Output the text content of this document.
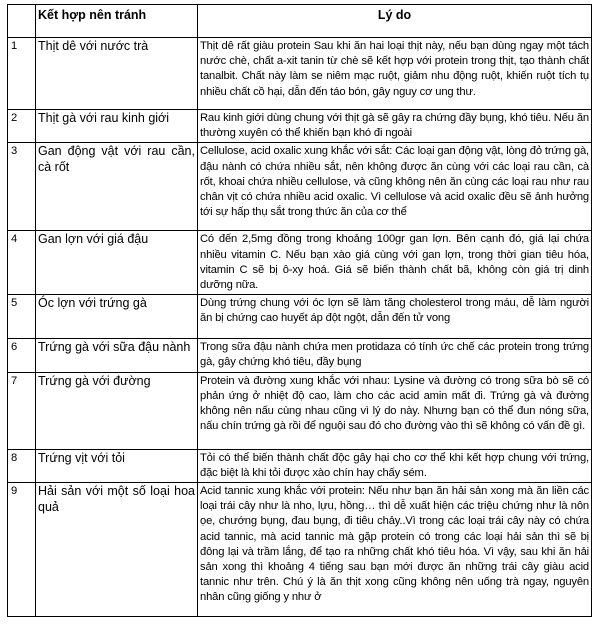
	Kết hợp nên tránh	Lý do
1	Thịt dê với nước trà	Thịt dê rất giàu protein Sau khi ăn hai loại thịt này, nếu bạn dùng ngay một tách nước chè, chất a-xit tanin từ chè sẽ kết hợp với protein trong thịt, tạo thành chất tanalbit. Chất này làm se niêm mạc ruột, giảm nhu động ruột, khiến ruột tích tụ nhiều chất cồ hại, dẫn đến táo bón, gây nguy cơ ung thư.
2	Thịt gà với rau kinh giới	Rau kinh giới dùng chung với thịt gà sẽ gây ra chứng đầy bụng, khó tiêu. Nếu ăn thường xuyên có thể khiến bạn khó đi ngoài
3	Gan động vật với rau cần, cà rốt	Cellulose, acid oxalic xung khắc với sắt: Các loại gan động vật, lòng đỏ trứng gà, đậu nành có chứa nhiều sắt, nên không được ăn cùng với các loại rau cần, cà rốt, khoai chứa nhiều cellulose, và cũng không nên ăn cùng các loại rau như rau chân vịt có chứa nhiều acid oxalic. Vì cellulose và acid oxalic đều sẽ ảnh hưởng tới sự hấp thụ sắt trong thức ăn của cơ thể
4	Gan lợn với giá đậu	Có đến 2,5mg đồng trong khoảng 100gr gan lợn. Bên cạnh đó, giá lại chứa nhiều vitamin C. Nếu bạn xào giá cùng với gan lợn, trong thời gian tiêu hóa, vitamin C sẽ bị ô-xy hoá. Giá sẽ biến thành chất bã, không còn giá trị dinh dưỡng nữa.
5	Óc lợn với trứng gà	Dùng trứng chung với óc lợn sẽ làm tăng cholesterol trong máu, dễ làm người ăn bị chứng cao huyết áp đột ngột, dẫn đến tử vong
6	Trứng gà với sữa đậu nành	Trong sữa đậu nành chứa men protidaza có tính ức chế các protein trong trứng gà, gây chứng khó tiêu, đầy bụng
7	Trứng gà với đường	Protein và đường xung khắc với nhau: Lysine và đường có trong sữa bò sẽ có phản ứng ở nhiệt độ cao, làm cho các acid amin mất đi. Trứng gà và đường không nên nấu cùng nhau cũng vì lý do này. Nhưng bạn có thể đun nóng sữa, nấu chín trứng gà rồi để nguội sau đó cho đường vào thì sẽ không có vấn đề gì.
8	Trứng vịt với tỏi	Tỏi có thể biến thành chất độc gây hại cho cơ thể khi kết hợp chung với trứng, đặc biệt là khi tỏi được xào chín hay chấy sém.
9	Hải sản với một số loại hoa quả	Acid tannic xung khắc với protein: Nếu như bạn ăn hải sản xong mà ăn liền các loại trái cây như là nho, lựu, hồng… thì dễ xuất hiện các triệu chứng như là nôn ọe, chướng bụng, đau bụng, đi tiêu chảy..Vì trong các loại trái cây này có chứa acid tannic, mà acid tannic mà gặp protein có trong các loại hải sản thì sẽ bị đông lại và trầm lắng, để tạo ra những chất khó tiêu hóa. Vì vậy, sau khi ăn hải sản xong thì khoảng 4 tiếng sau bạn mới được ăn những trái cây giàu acid tannic như trên. Chú ý là ăn thịt xong cũng không nên uống trà ngay, nguyên nhân cũng giống y như ở
